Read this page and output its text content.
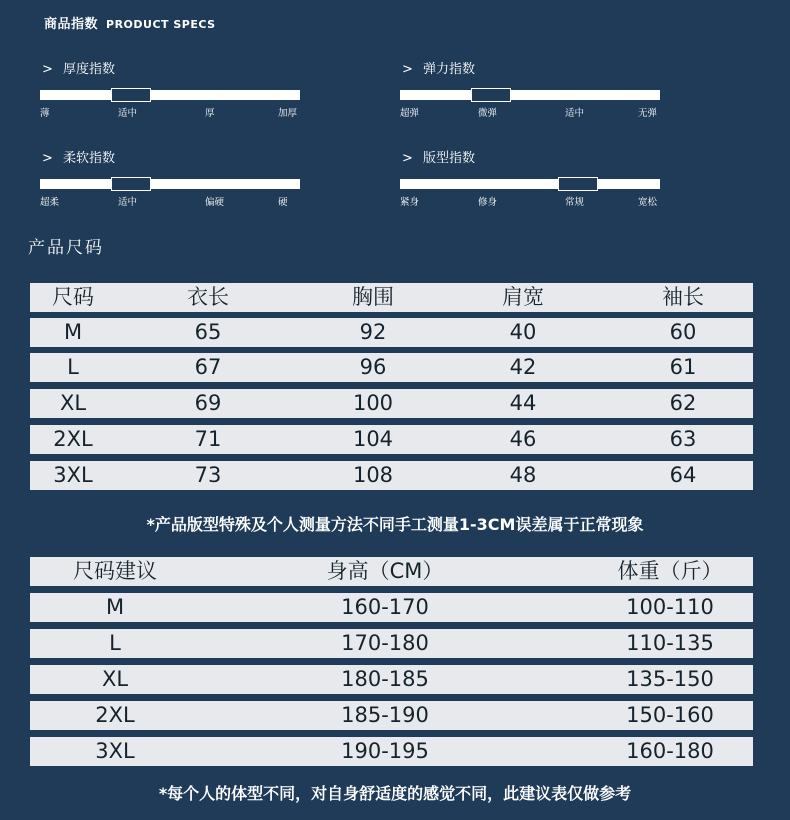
商品指数 PRODUCT SPECS
> 厚度指数
薄	适中	厚	加厚
> 弹力指数
超弹	微弹	适中	无弹
> 柔软指数
超柔	适中	偏硬	硬
> 版型指数
紧身	修身	常规	宽松
产品尺码
尺码	衣长	胸围	肩宽	袖长
M	65	92	40	60
L	67	96	42	61
XL	69	100	44	62
2XL	71	104	46	63
3XL	73	108	48	64
*产品版型特殊及个人测量方法不同手工测量1-3CM误差属于正常现象
尺码建议	身高（CM）	体重（斤）
M	160-170	100-110
L	170-180	110-135
XL	180-185	135-150
2XL	185-190	150-160
3XL	190-195	160-180
*每个人的体型不同，对自身舒适度的感觉不同，此建议表仅做参考
